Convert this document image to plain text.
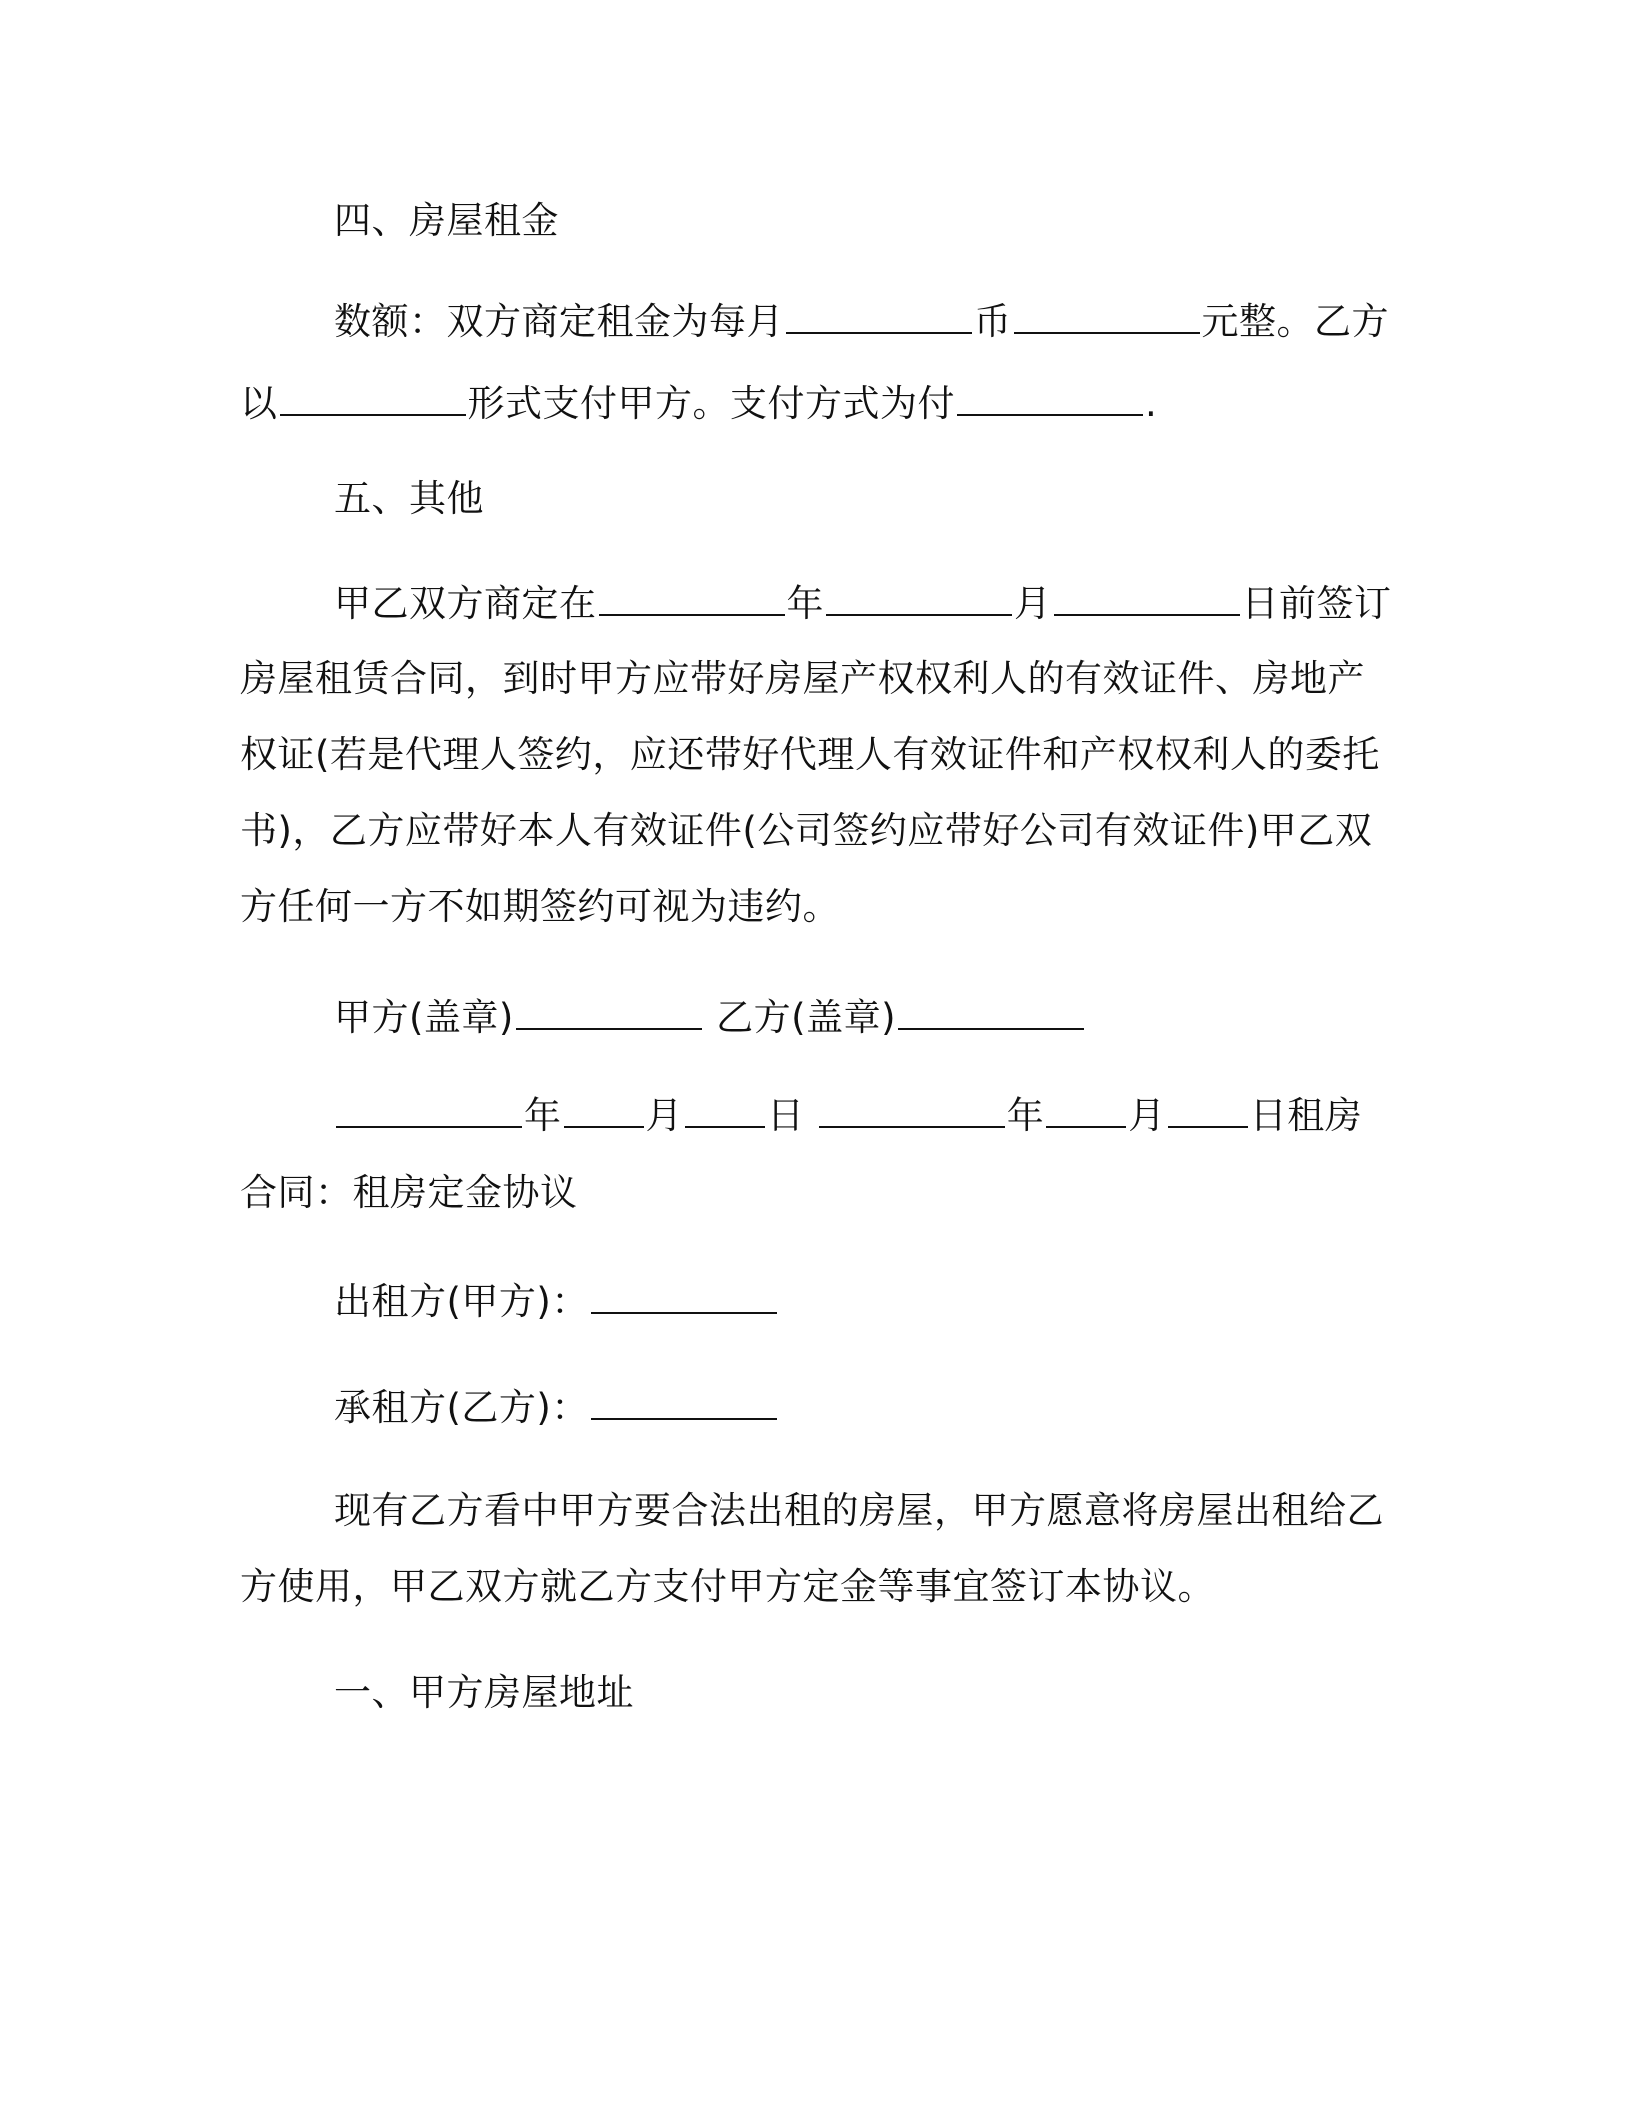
四、房屋租金
数额：双方商定租金为每月	币	元整。乙方
以	形式支付甲方。支付方式为付	.
五、其他
甲乙双方商定在	年	月	日前签订
房屋租赁合同，到时甲方应带好房屋产权权利人的有效证件、房地产
权证(若是代理人签约，应还带好代理人有效证件和产权权利人的委托
书)，乙方应带好本人有效证件(公司签约应带好公司有效证件)甲乙双
方任何一方不如期签约可视为违约。
甲方(盖章)	乙方(盖章)
年 月 日	年 月 日租房
合同：租房定金协议
出租方(甲方)：
承租方(乙方)：
现有乙方看中甲方要合法出租的房屋，甲方愿意将房屋出租给乙
方使用，甲乙双方就乙方支付甲方定金等事宜签订本协议。
一、甲方房屋地址
